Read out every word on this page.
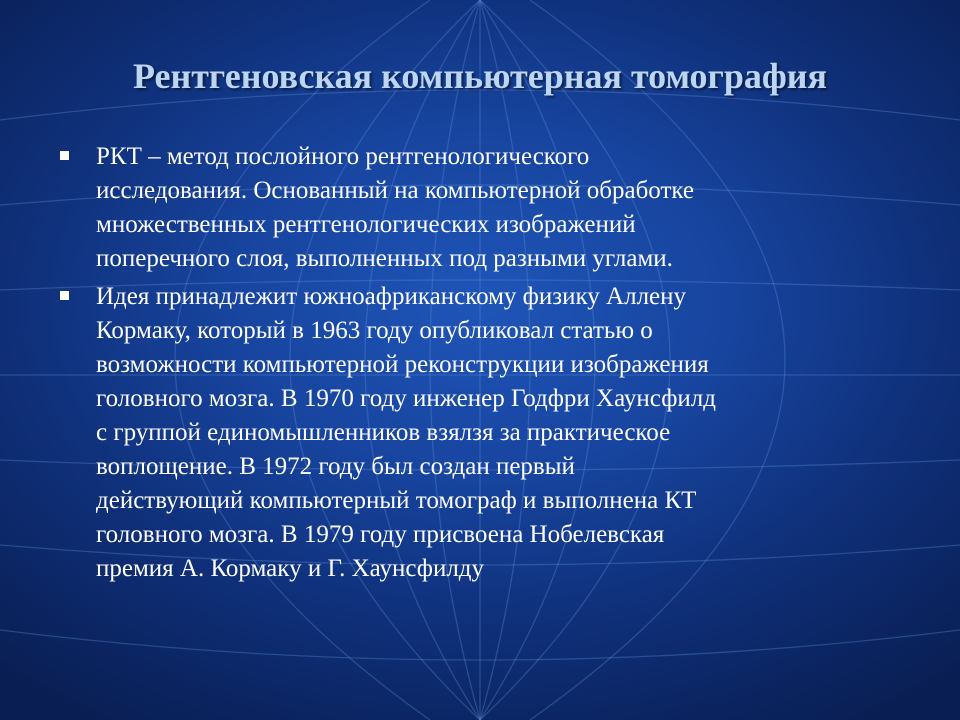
Рентгеновская компьютерная томография
РКТ – метод послойного рентгенологического
исследования. Основанный на компьютерной обработке
множественных рентгенологических изображений
поперечного слоя, выполненных под разными углами.
Идея принадлежит южноафриканскому физику Аллену
Кормаку, который в 1963 году опубликовал статью о
возможности компьютерной реконструкции изображения
головного мозга. В 1970 году инженер Годфри Хаунсфилд
с группой единомышленников взялзя за практическое
воплощение. В 1972 году был создан первый
действующий компьютерный томограф и выполнена КТ
головного мозга. В 1979 году присвоена Нобелевская
премия А. Кормаку и Г. Хаунсфилду
